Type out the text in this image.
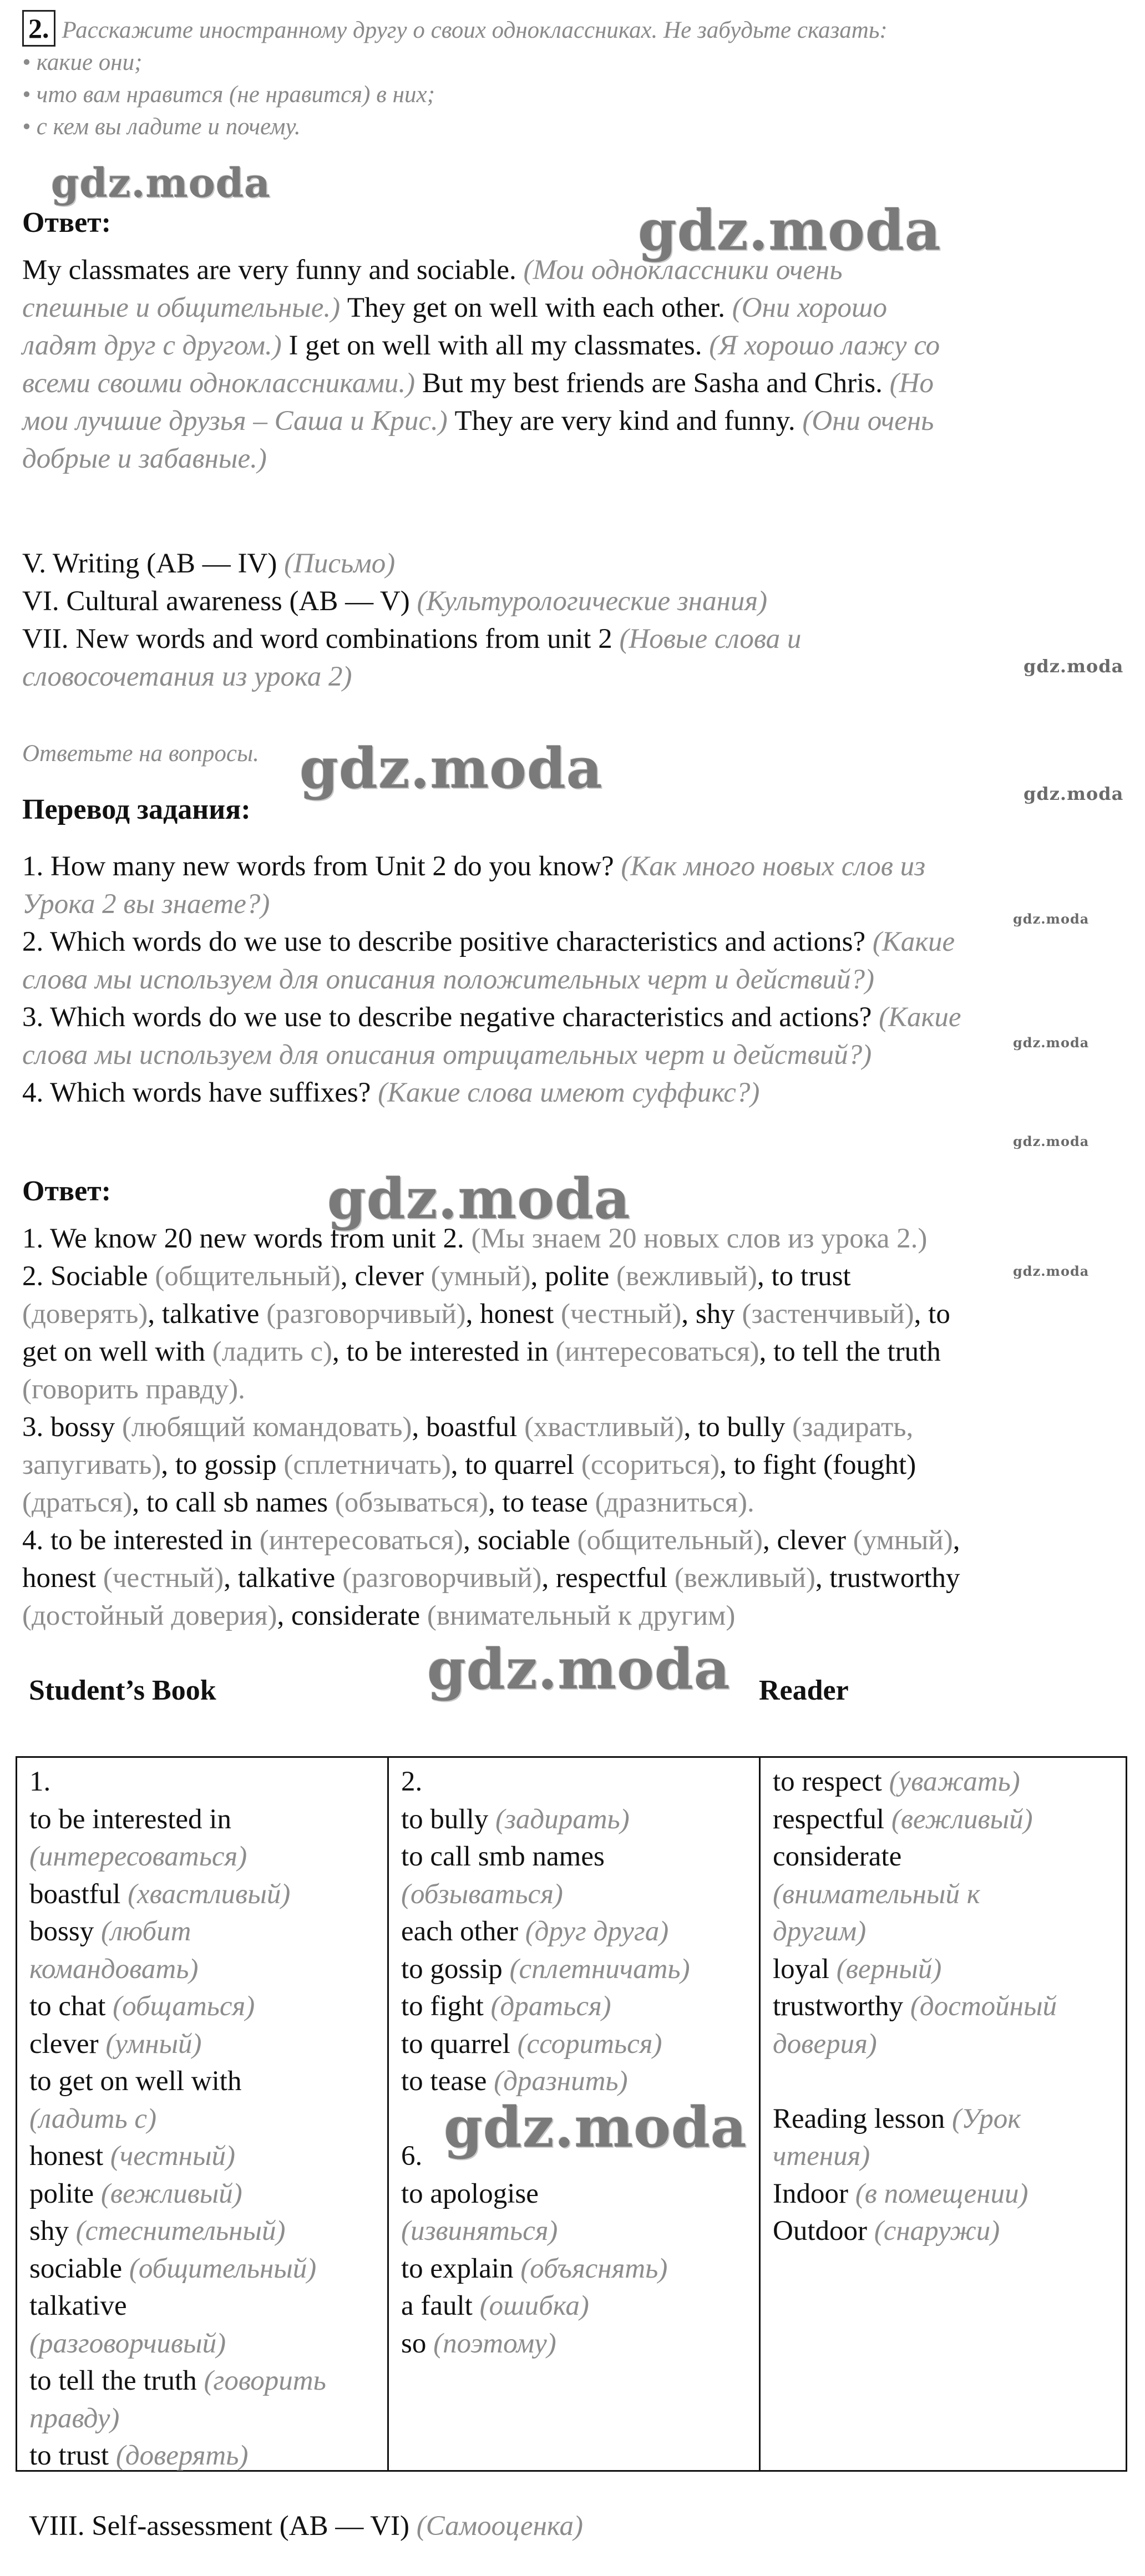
2. Расскажите иностранному другу о своих одноклассниках. Не забудьте сказать:

• какие они;

• что вам нравится (не нравится) в них;

• с кем вы ладите и почему.

Ответ:

My classmates are very funny and sociable. (Мои одноклассники очень

спешные и общительные.) They get on well with each other. (Они хорошо

ладят друг с другом.) I get on well with all my classmates. (Я хорошо лажу со

всеми своими одноклассниками.) But my best friends are Sasha and Chris. (Но

мои лучшие друзья – Саша и Крис.) They are very kind and funny. (Они очень

добрые и забавные.)

V. Writing (AB — IV) (Письмо)

VI. Cultural awareness (AB — V) (Культурологические знания)

VII. New words and word combinations from unit 2 (Новые слова и

словосочетания из урока 2)

Ответьте на вопросы.

Перевод задания:

1. How many new words from Unit 2 do you know? (Как много новых слов из

Урока 2 вы знаете?)

2. Which words do we use to describe positive characteristics and actions? (Какие

слова мы используем для описания положительных черт и действий?)

3. Which words do we use to describe negative characteristics and actions? (Какие

слова мы используем для описания отрицательных черт и действий?)

4. Which words have suffixes? (Какие слова имеют суффикс?)

Ответ:

1. We know 20 new words from unit 2. (Мы знаем 20 новых слов из урока 2.)

2. Sociable (общительный), clever (умный), polite (вежливый), to trust

(доверять), talkative (разговорчивый), honest (честный), shy (застенчивый), to

get on well with (ладить с), to be interested in (интересоваться), to tell the truth

(говорить правду).

3. bossy (любящий командовать), boastful (хвастливый), to bully (задирать,

запугивать), to gossip (сплетничать), to quarrel (ссориться), to fight (fought)

(драться), to call sb names (обзываться), to tease (дразниться).

4. to be interested in (интересоваться), sociable (общительный), clever (умный),

honest (честный), talkative (разговорчивый), respectful (вежливый), trustworthy

(достойный доверия), considerate (внимательный к другим)

Student’s Book	Reader

1.

to be interested in

(интересоваться)

boastful (хвастливый)

bossy (любит

командовать)

to chat (общаться)

clever (умный)

to get on well with

(ладить с)

honest (честный)

polite (вежливый)

shy (стеснительный)

sociable (общительный)

talkative

(разговорчивый)

to tell the truth (говорить

правду)

to trust (доверять)

2.

to bully (задирать)

to call smb names

(обзываться)

each other (друг друга)

to gossip (сплетничать)

to fight (драться)

to quarrel (ссориться)

to tease (дразнить)

6.

to apologise

(извиняться)

to explain (объяснять)

a fault (ошибка)

so (поэтому)

to respect (уважать)

respectful (вежливый)

considerate

(внимательный к

другим)

loyal (верный)

trustworthy (достойный

доверия)

Reading lesson (Урок

чтения)

Indoor (в помещении)

Outdoor (снаружи)

VIII. Self-assessment (AB — VI) (Самооценка)

gdz.moda
gdz.moda
gdz.moda
gdz.moda	gdz.moda
gdz.moda
gdz.moda
gdz.moda
gdz.moda
gdz.moda
gdz.moda
gdz.moda
